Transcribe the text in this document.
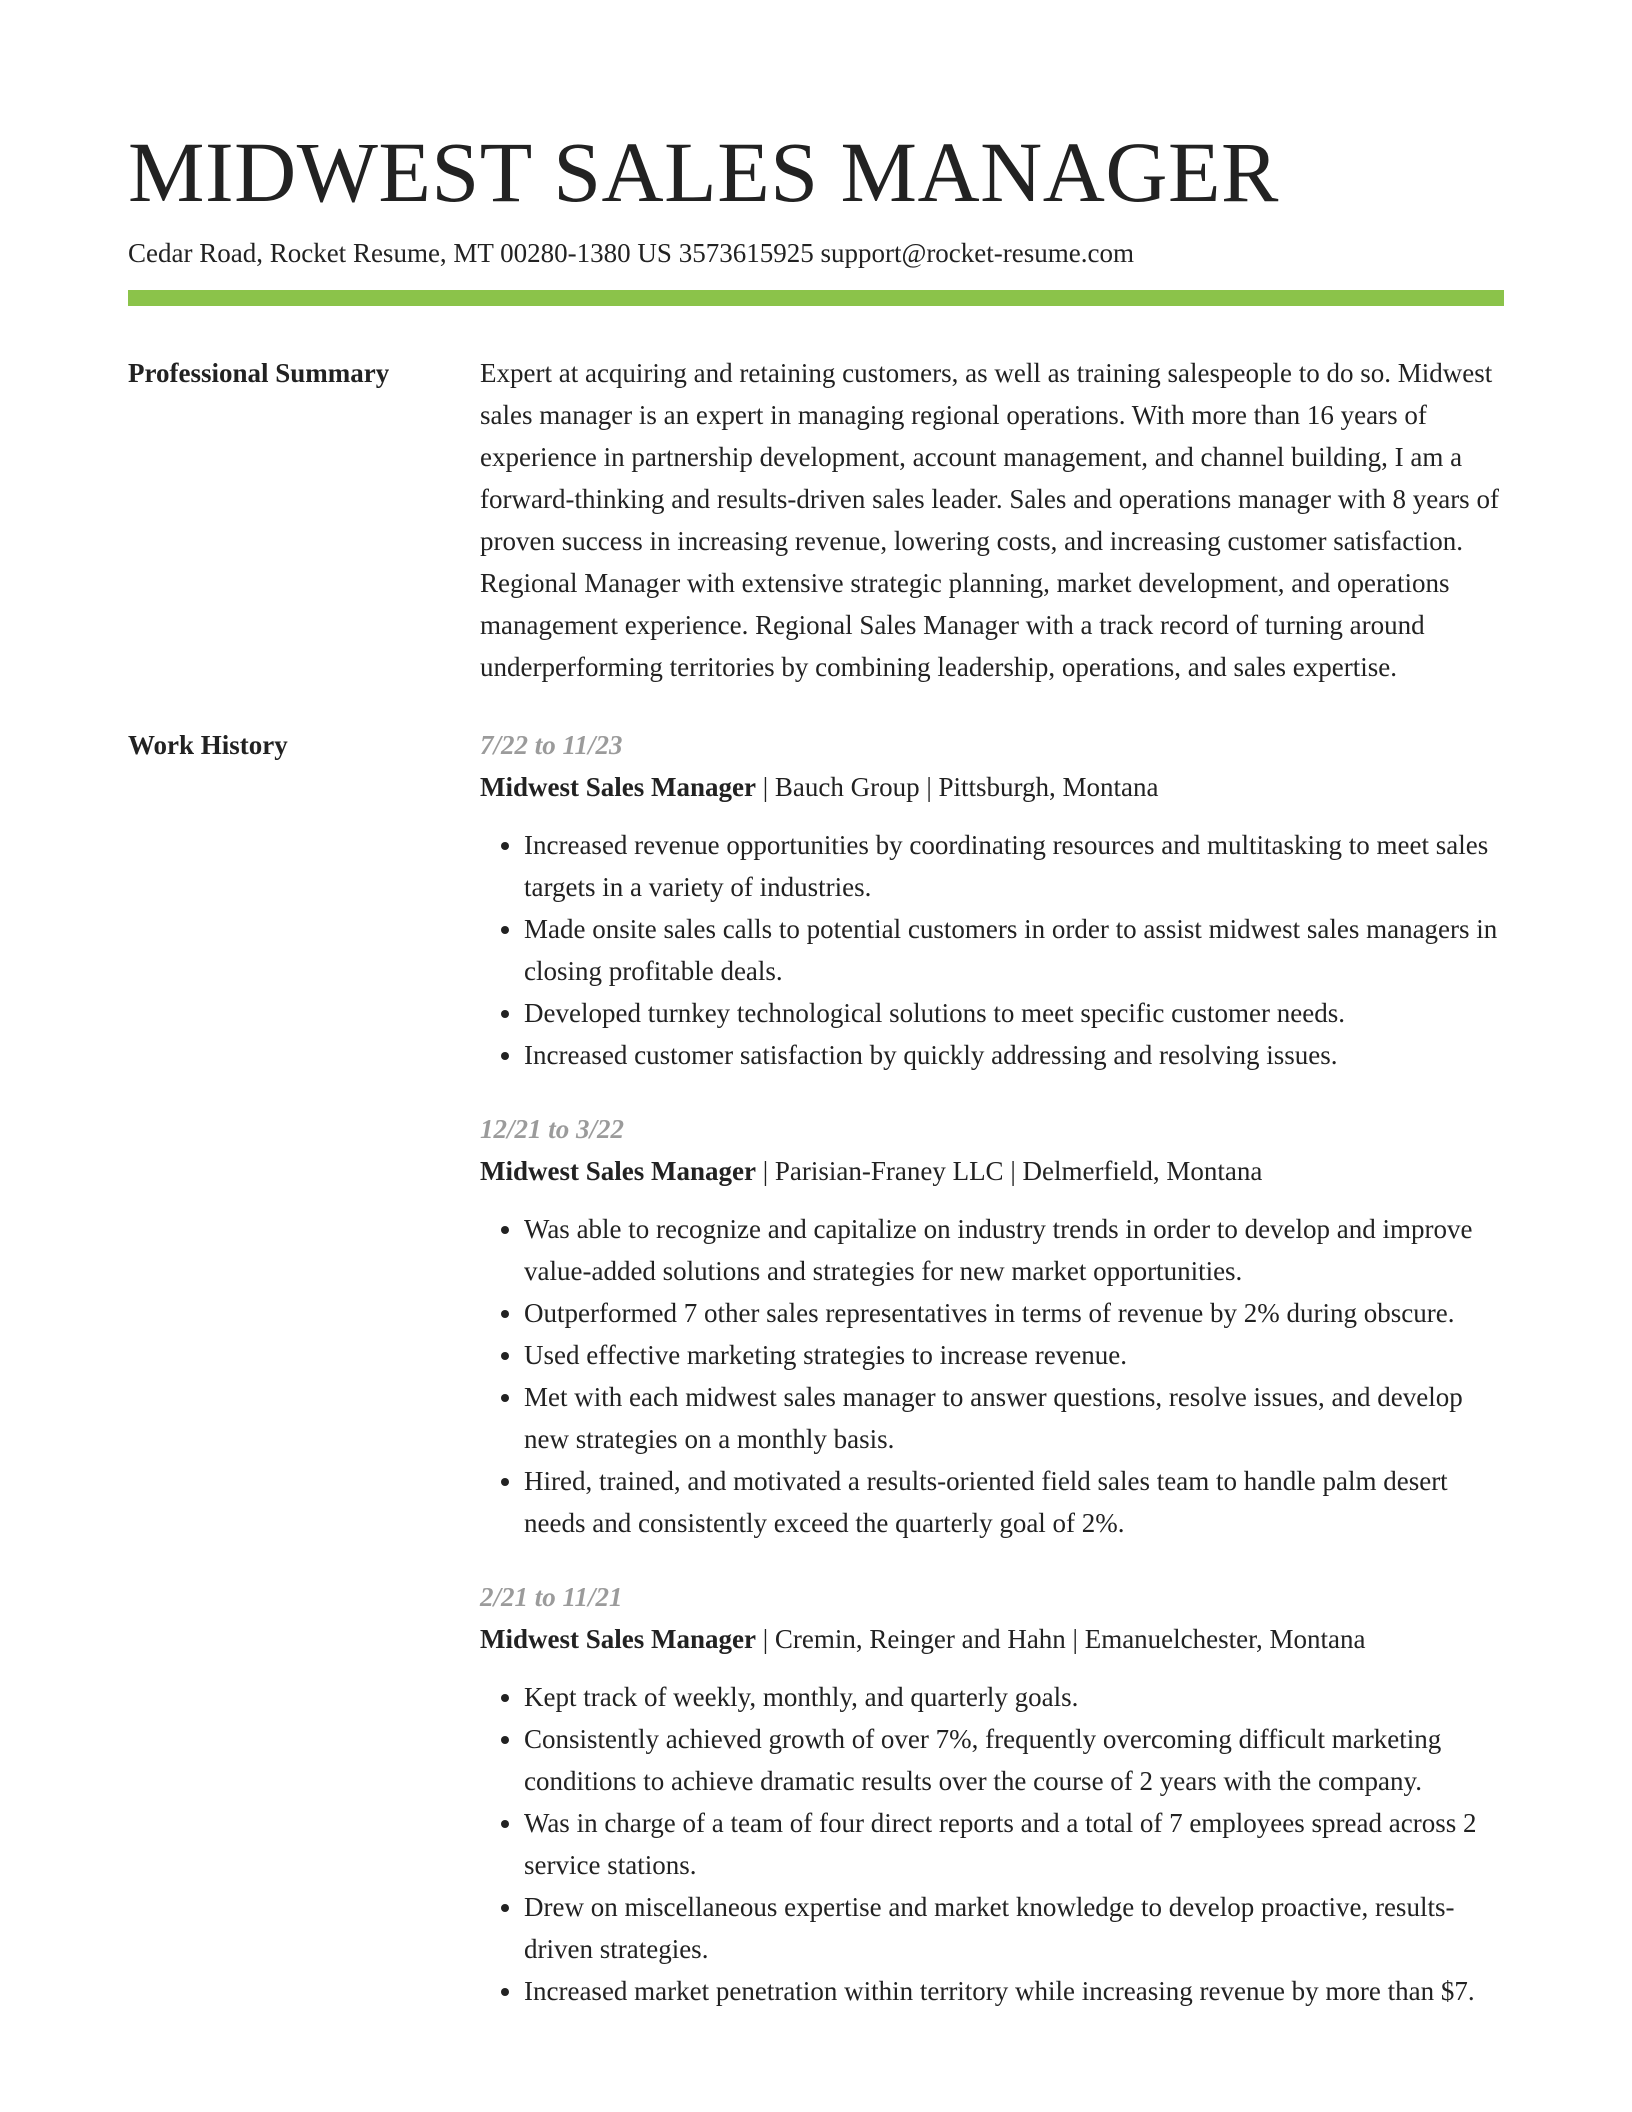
MIDWEST SALES MANAGER
Cedar Road, Rocket Resume, MT 00280-1380 US 3573615925 support@rocket-resume.com
Professional Summary	Expert at acquiring and retaining customers, as well as training salespeople to do so. Midwest sales manager is an expert in managing regional operations. With more than 16 years of experience in partnership development, account management, and channel building, I am a forward-thinking and results-driven sales leader. Sales and operations manager with 8 years of proven success in increasing revenue, lowering costs, and increasing customer satisfaction. Regional Manager with extensive strategic planning, market development, and operations management experience. Regional Sales Manager with a track record of turning around underperforming territories by combining leadership, operations, and sales expertise.

Work History	7/22 to 11/23
Midwest Sales Manager | Bauch Group | Pittsburgh, Montana
• Increased revenue opportunities by coordinating resources and multitasking to meet sales targets in a variety of industries.
• Made onsite sales calls to potential customers in order to assist midwest sales managers in closing profitable deals.
• Developed turnkey technological solutions to meet specific customer needs.
• Increased customer satisfaction by quickly addressing and resolving issues.
12/21 to 3/22
Midwest Sales Manager | Parisian-Franey LLC | Delmerfield, Montana
• Was able to recognize and capitalize on industry trends in order to develop and improve value-added solutions and strategies for new market opportunities.
• Outperformed 7 other sales representatives in terms of revenue by 2% during obscure.
• Used effective marketing strategies to increase revenue.
• Met with each midwest sales manager to answer questions, resolve issues, and develop new strategies on a monthly basis.
• Hired, trained, and motivated a results-oriented field sales team to handle palm desert needs and consistently exceed the quarterly goal of 2%.
2/21 to 11/21
Midwest Sales Manager | Cremin, Reinger and Hahn | Emanuelchester, Montana
• Kept track of weekly, monthly, and quarterly goals.
• Consistently achieved growth of over 7%, frequently overcoming difficult marketing conditions to achieve dramatic results over the course of 2 years with the company.
• Was in charge of a team of four direct reports and a total of 7 employees spread across 2 service stations.
• Drew on miscellaneous expertise and market knowledge to develop proactive, results-driven strategies.
• Increased market penetration within territory while increasing revenue by more than $7.
